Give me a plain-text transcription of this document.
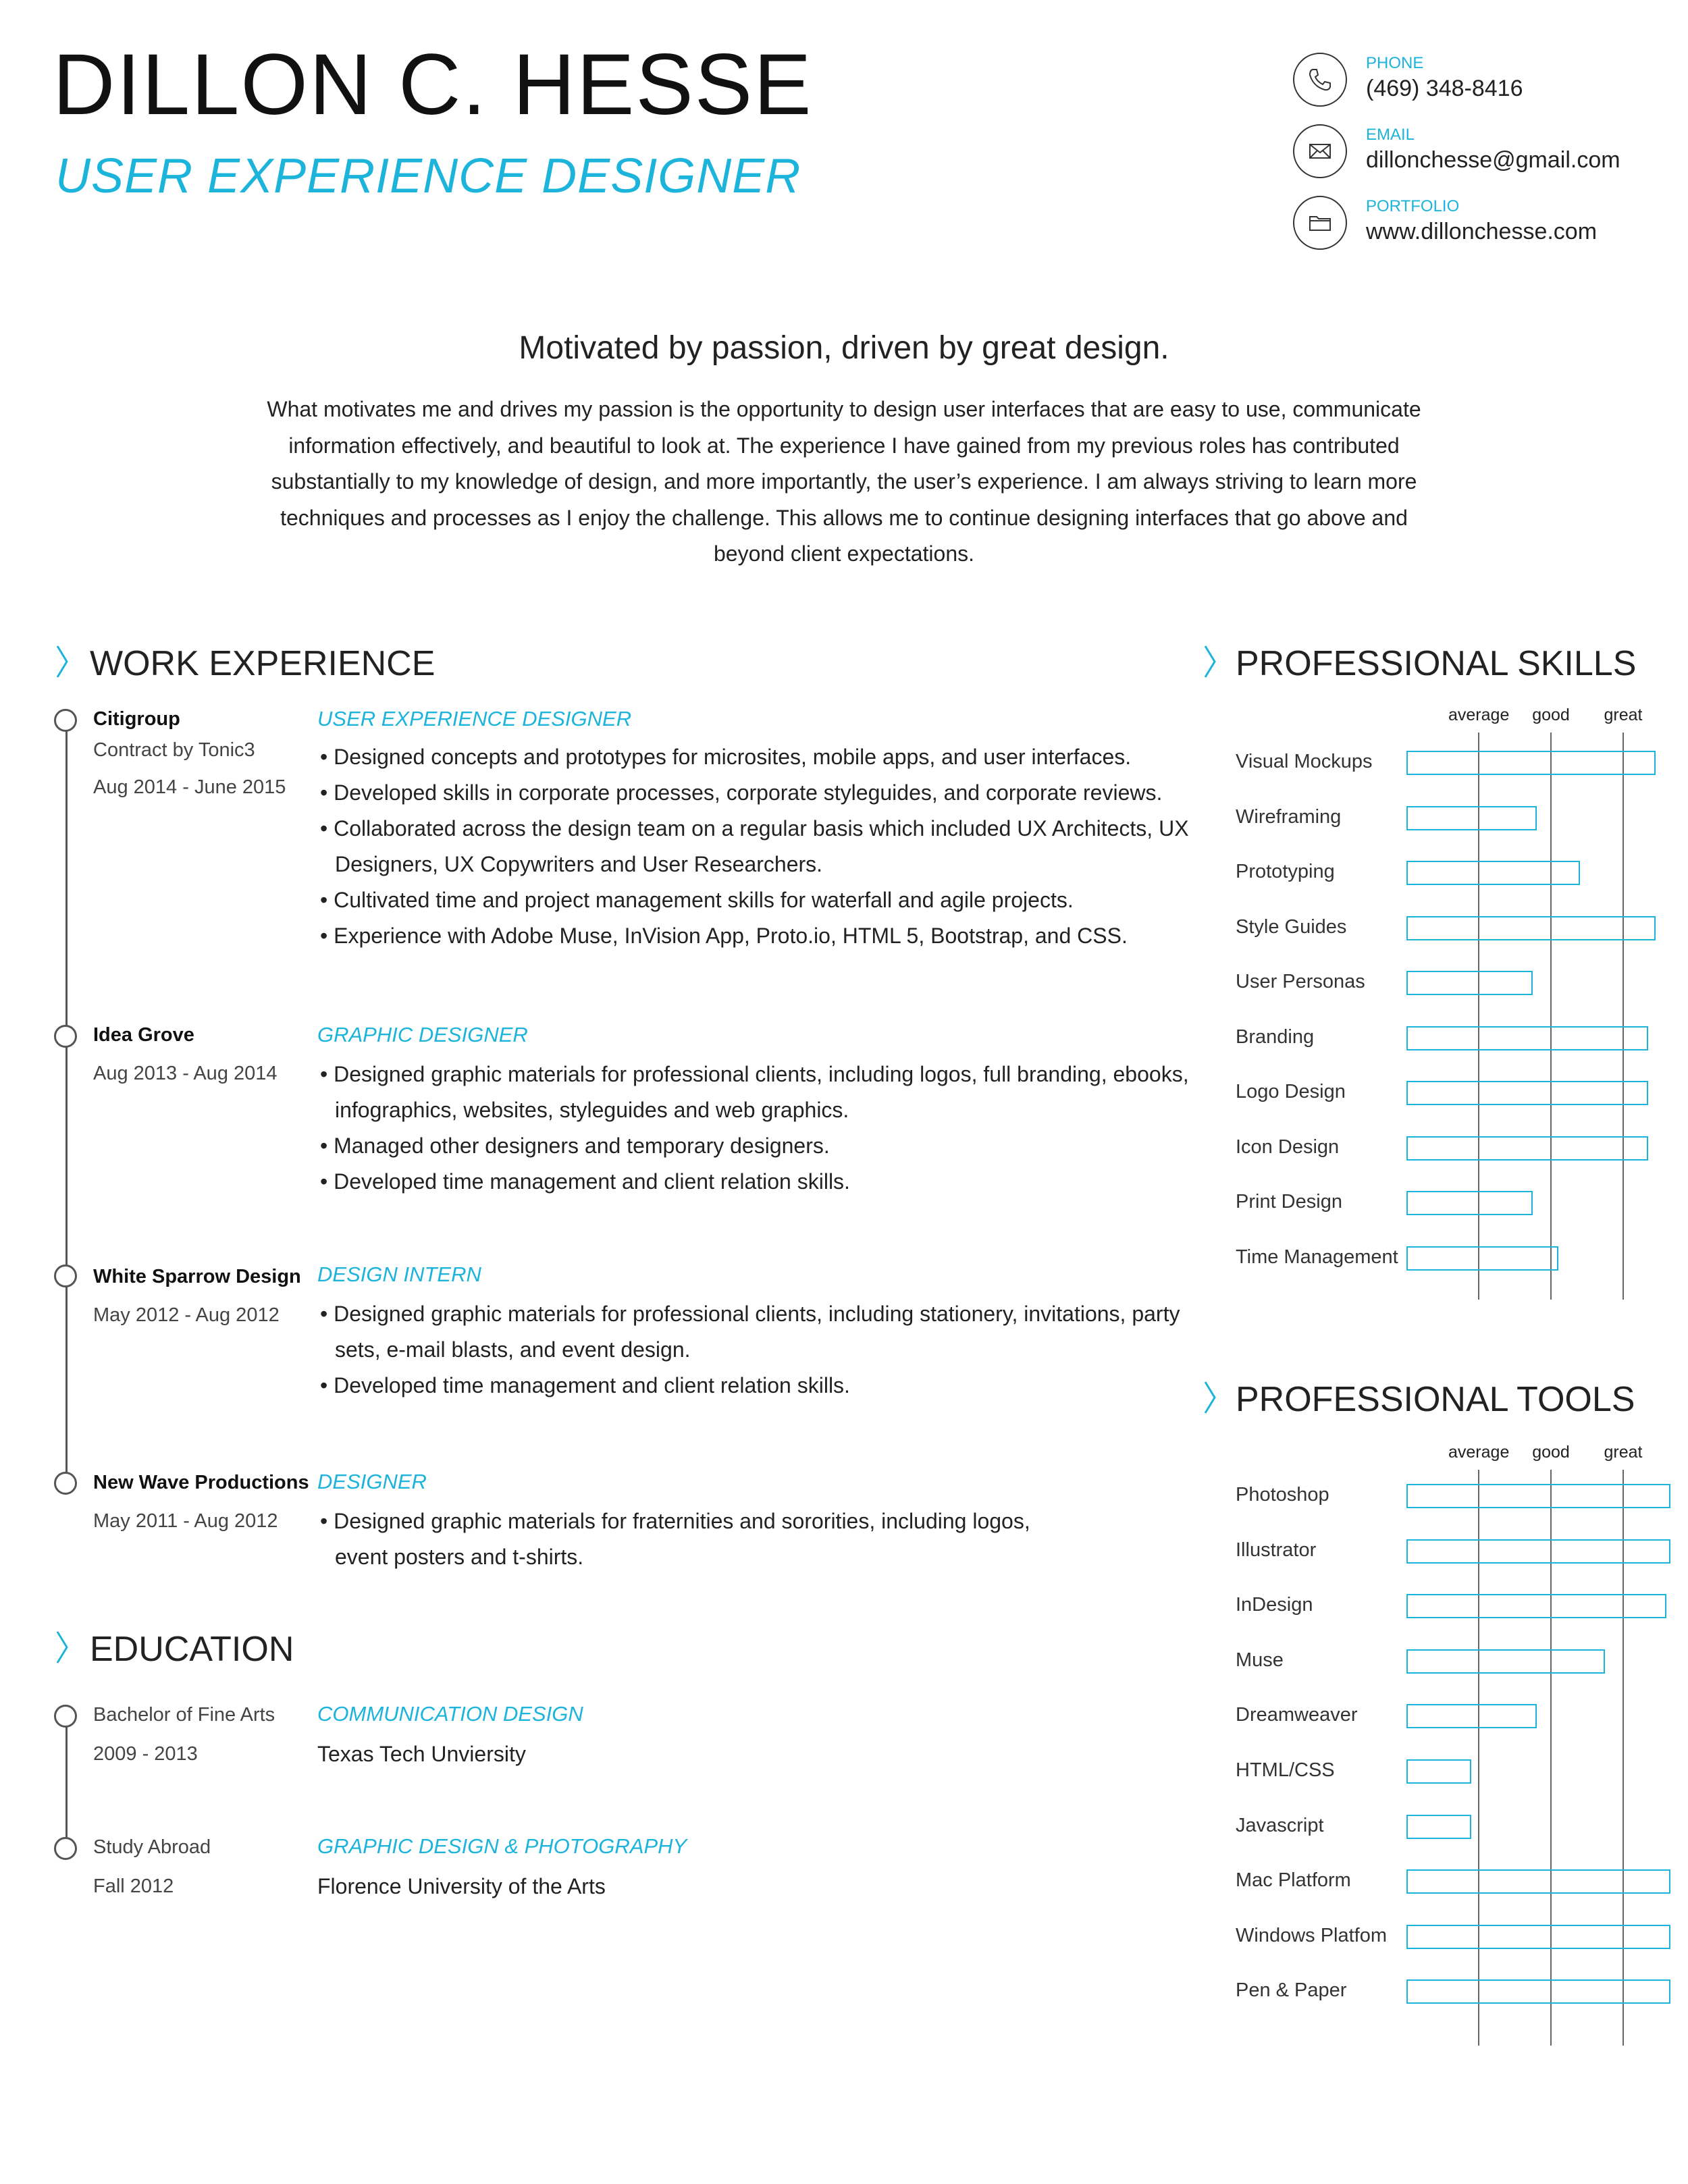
DILLON C. HESSE
USER EXPERIENCE DESIGNER
PHONE
(469) 348-8416
EMAIL
dillonchesse@gmail.com
PORTFOLIO
www.dillonchesse.com
Motivated by passion, driven by great design.
What motivates me and drives my passion is the opportunity to design user interfaces that are easy to use, communicate information effectively, and beautiful to look at. The experience I have gained from my previous roles has contributed substantially to my knowledge of design, and more importantly, the user’s experience. I am always striving to learn more techniques and processes as I enjoy the challenge. This allows me to continue designing interfaces that go above and beyond client expectations.
WORK EXPERIENCE
Citigroup
Contract by Tonic3
Aug 2014 - June 2015
USER EXPERIENCE DESIGNER
• Designed concepts and prototypes for microsites, mobile apps, and user interfaces.
• Developed skills in corporate processes, corporate styleguides, and corporate reviews.
• Collaborated across the design team on a regular basis which included UX Architects, UX Designers, UX Copywriters and User Researchers.
• Cultivated time and project management skills for waterfall and agile projects.
• Experience with Adobe Muse, InVision App, Proto.io, HTML 5, Bootstrap, and CSS.
Idea Grove
Aug 2013 - Aug 2014
GRAPHIC DESIGNER
• Designed graphic materials for professional clients, including logos, full branding, ebooks, infographics, websites, styleguides and web graphics.
• Managed other designers and temporary designers.
• Developed time management and client relation skills.
White Sparrow Design
May 2012 - Aug 2012
DESIGN INTERN
• Designed graphic materials for professional clients, including stationery, invitations, party sets, e-mail blasts, and event design.
• Developed time management and client relation skills.
New Wave Productions
May 2011 - Aug 2012
DESIGNER
• Designed graphic materials for fraternities and sororities, including logos, event posters and t-shirts.
EDUCATION
Bachelor of Fine Arts
2009 - 2013
COMMUNICATION DESIGN
Texas Tech Unviersity
Study Abroad
Fall 2012
GRAPHIC DESIGN & PHOTOGRAPHY
Florence University of the Arts
PROFESSIONAL SKILLS
average	good	great
Visual Mockups
Wireframing
Prototyping
Style Guides
User Personas
Branding
Logo Design
Icon Design
Print Design
Time Management
PROFESSIONAL TOOLS
average	good	great
Photoshop
Illustrator
InDesign
Muse
Dreamweaver
HTML/CSS
Javascript
Mac Platform
Windows Platfom
Pen & Paper
